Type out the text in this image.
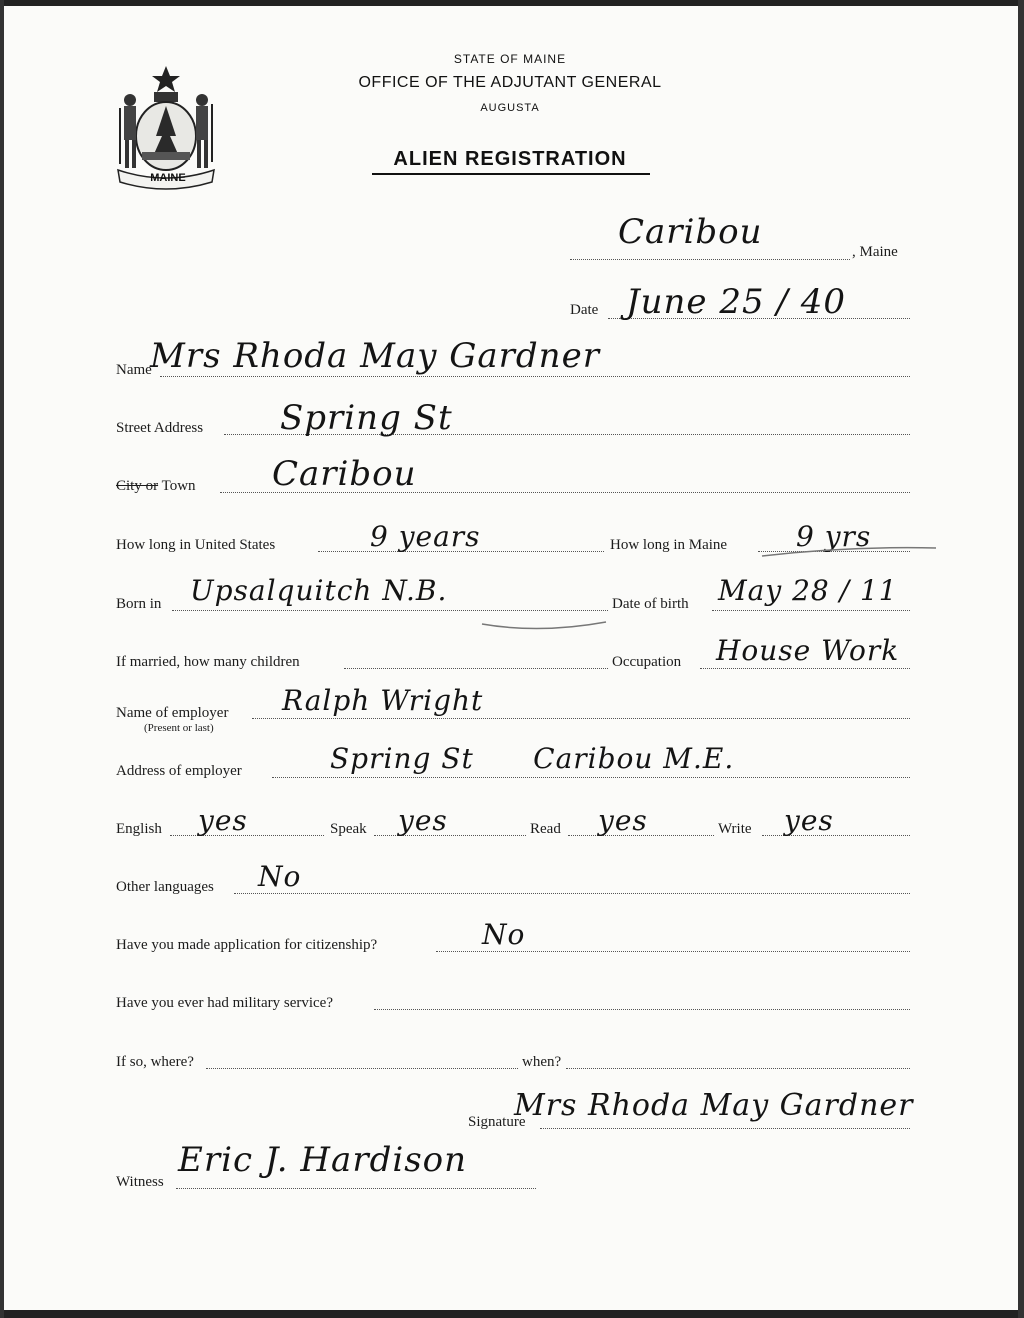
MAINE
STATE OF MAINE
OFFICE OF THE ADJUTANT GENERAL
AUGUSTA
ALIEN REGISTRATION
Caribou	, Maine
Date June 25 / 40
Name
Mrs Rhoda May Gardner
Street Address Spring St
City or Town Caribou
How long in United States	9 years	How long in Maine 9 yrs
Born in Upsalquitch N.B.	Date of birth May 28 / 11
If married, how many children	Occupation House Work
Name of employer
(Present or last)
Ralph Wright
Address of employer	Spring St      Caribou M.E.
English yes	Speak yes	Read yes	Write yes
Other languages No
Have you made application for citizenship?	No
Have you ever had military service?
If so, where?	when?
Signature
Mrs Rhoda May Gardner
Witness
Eric J. Hardison
